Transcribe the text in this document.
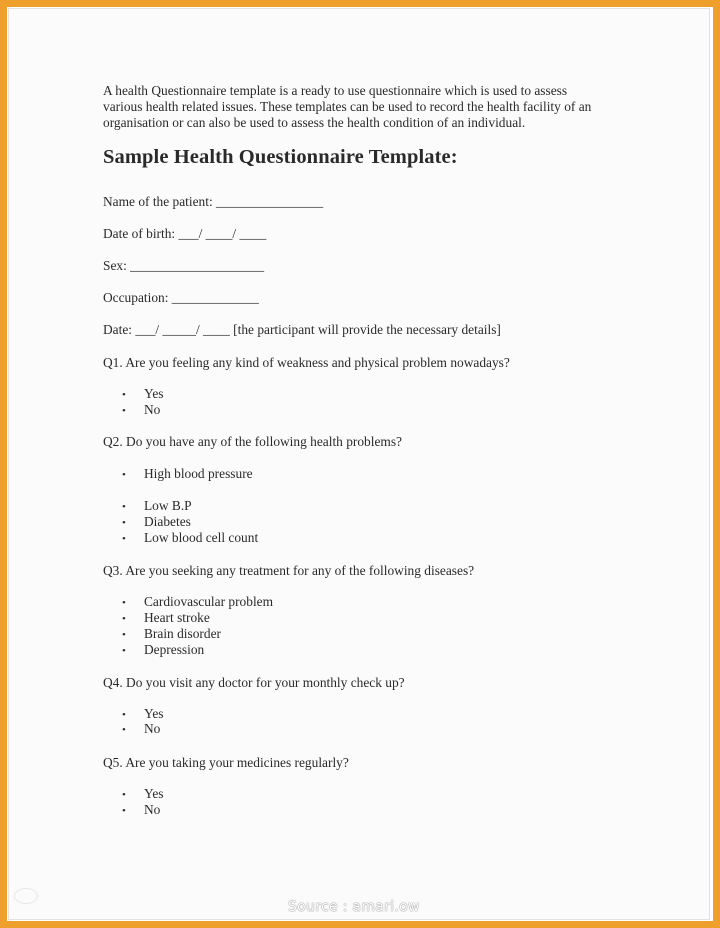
A health Questionnaire template is a ready to use questionnaire which is used to assess various health related issues. These templates can be used to record the health facility of an organisation or can also be used to assess the health condition of an individual.

Sample Health Questionnaire Template:

Name of the patient: ________________

Date of birth: ___/ ____/ ____

Sex: ____________________

Occupation: _____________

Date: ___/ _____/ ____ [the participant will provide the necessary details]

Q1. Are you feeling any kind of weakness and physical problem nowadays?

• Yes
• No

Q2. Do you have any of the following health problems?

• High blood pressure
• Low B.P
• Diabetes
• Low blood cell count

Q3. Are you seeking any treatment for any of the following diseases?

• Cardiovascular problem
• Heart stroke
• Brain disorder
• Depression

Q4. Do you visit any doctor for your monthly check up?

• Yes
• No

Q5. Are you taking your medicines regularly?

• Yes
• No
Source : amari.ow
